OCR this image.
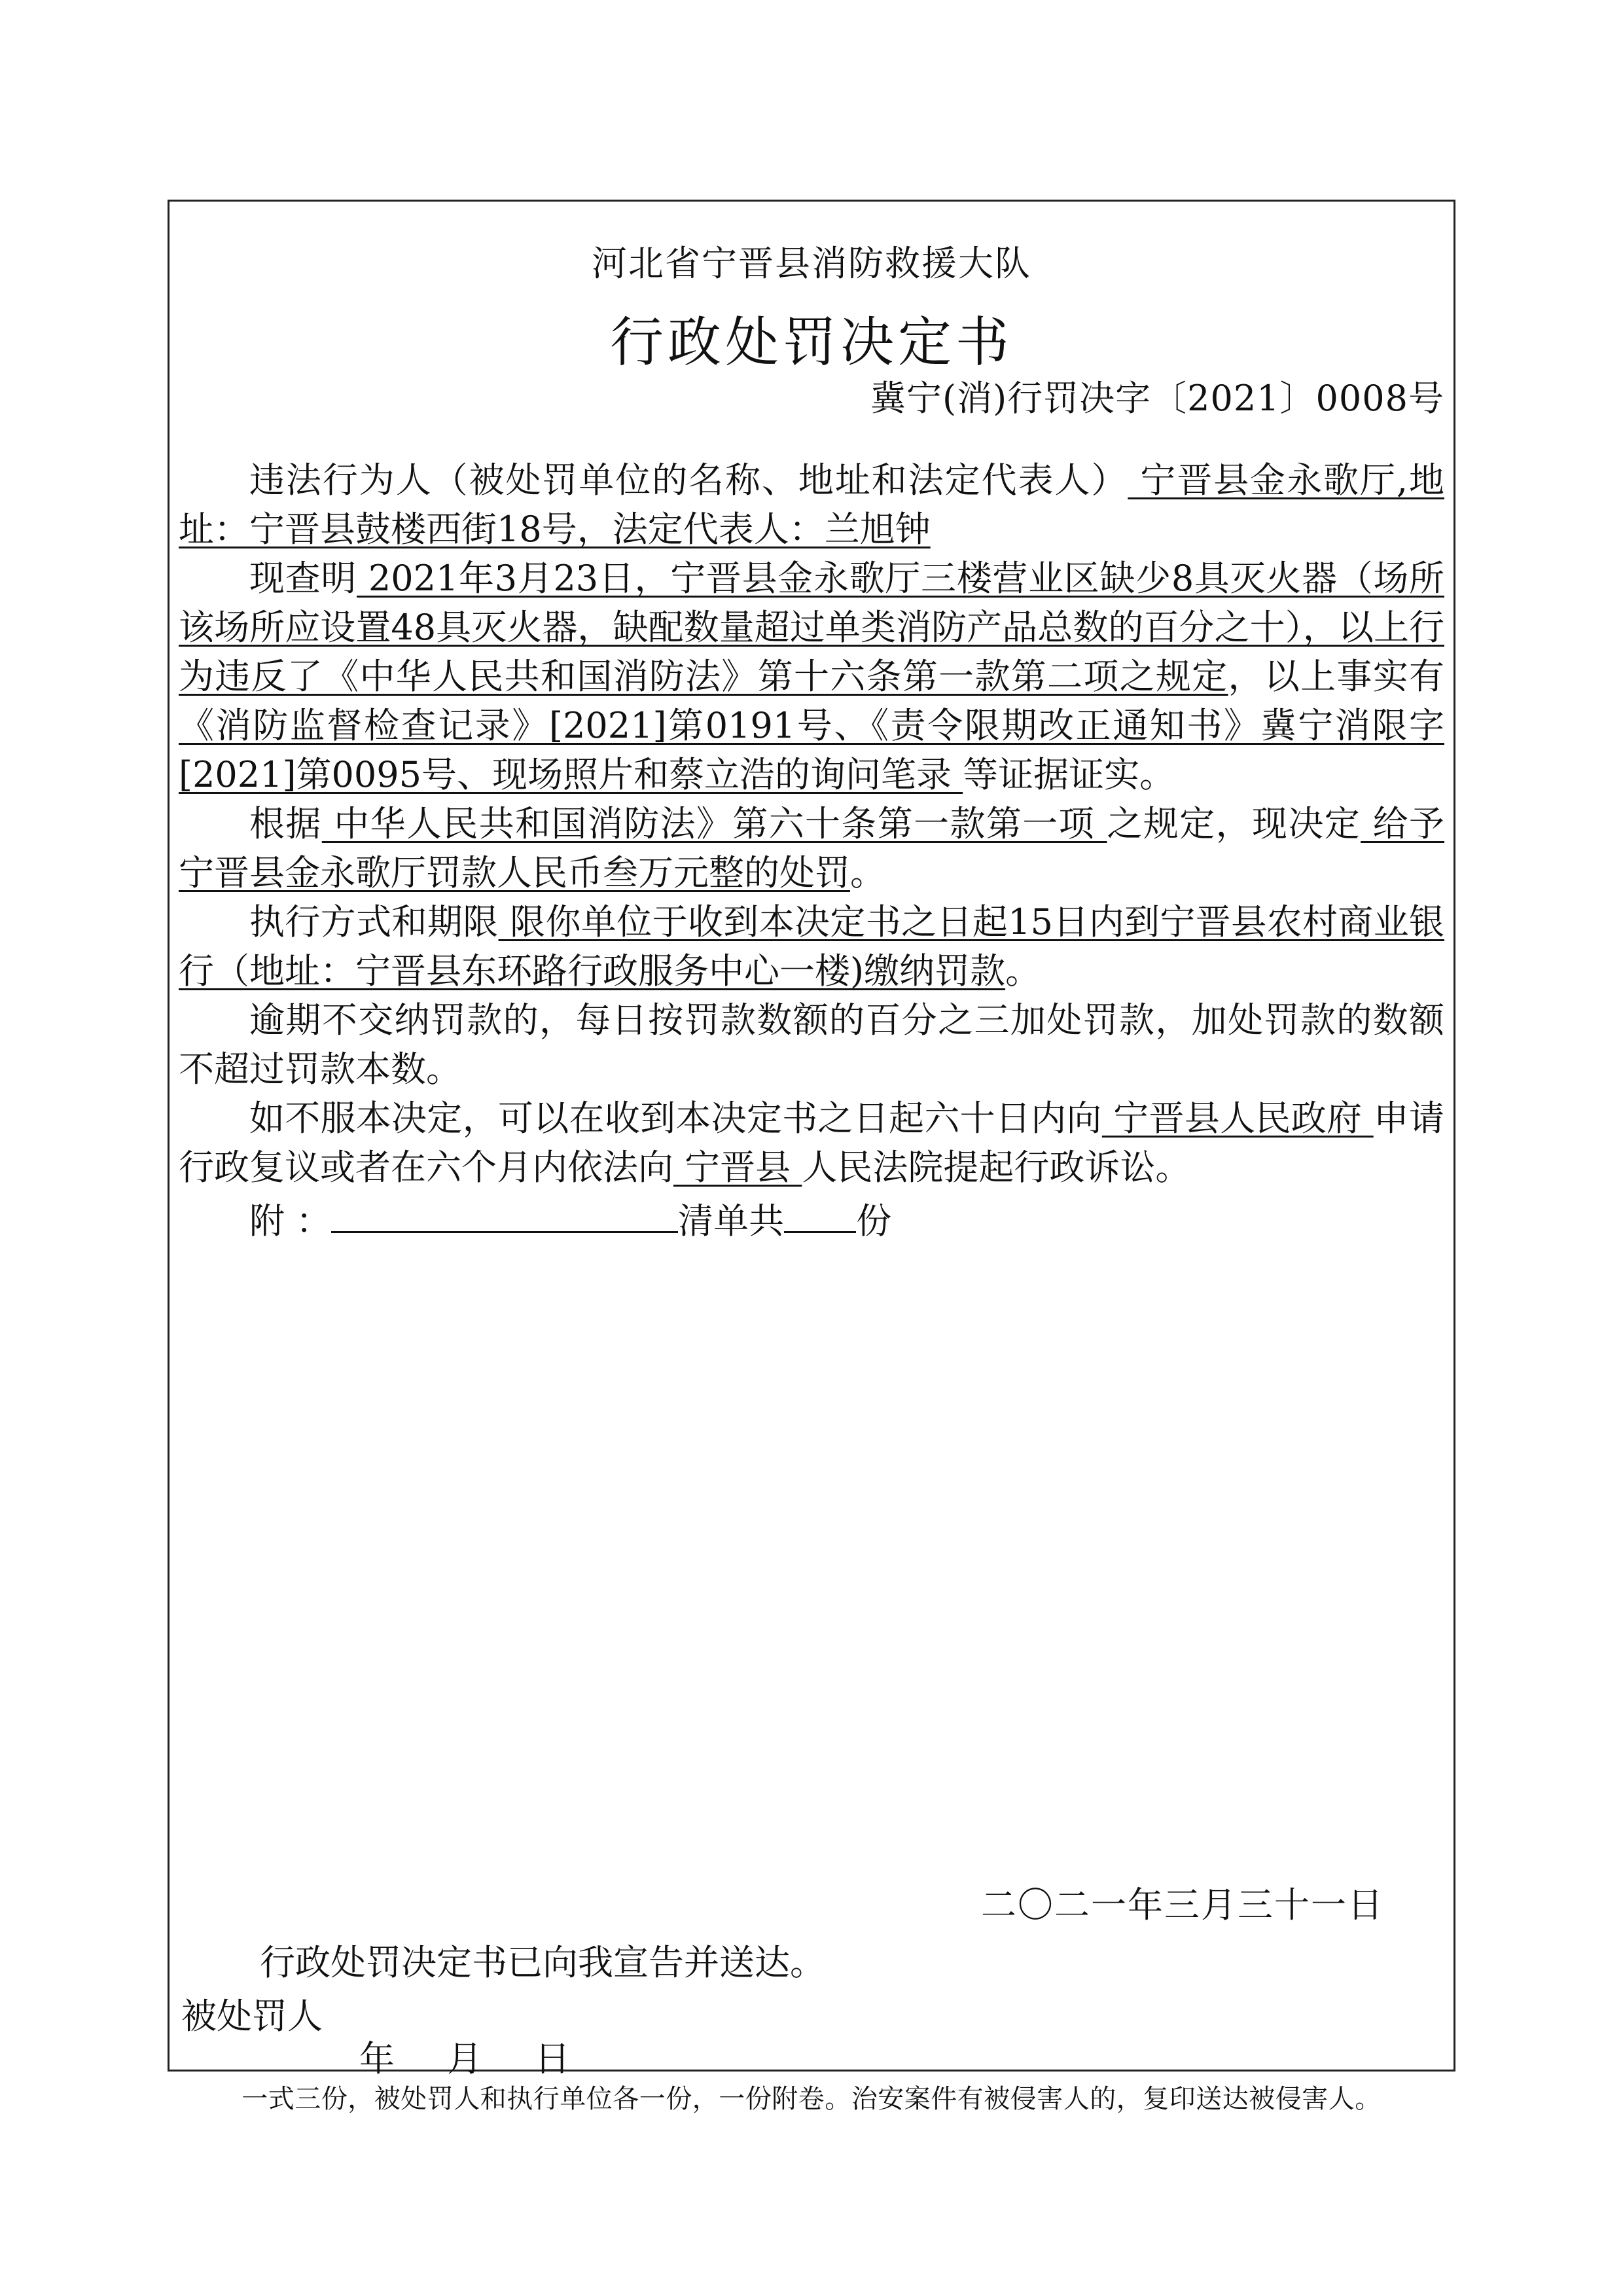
河北省宁晋县消防救援大队
行政处罚决定书
冀宁(消)行罚决字〔2021〕0008号

违法行为人（被处罚单位的名称、地址和法定代表人） 宁晋县金永歌厅,地址：宁晋县鼓楼西街18号，法定代表人：兰旭钟

现查明 2021年3月23日，宁晋县金永歌厅三楼营业区缺少8具灭火器（场所该场所应设置48具灭火器，缺配数量超过单类消防产品总数的百分之十），以上行为违反了《中华人民共和国消防法》第十六条第一款第二项之规定，以上事实有 《消防监督检查记录》[2021]第0191号、《责令限期改正通知书》冀宁消限字[2021]第0095号、现场照片和蔡立浩的询问笔录 等证据证实。

根据 中华人民共和国消防法》第六十条第一款第一项 之规定，现决定 给予宁晋县金永歌厅罚款人民币叁万元整的处罚。

执行方式和期限 限你单位于收到本决定书之日起15日内到宁晋县农村商业银行（地址：宁晋县东环路行政服务中心一楼)缴纳罚款。

逾期不交纳罚款的，每日按罚款数额的百分之三加处罚款，加处罚款的数额不超过罚款本数。

如不服本决定，可以在收到本决定书之日起六十日内向 宁晋县人民政府 申请行政复议或者在六个月内依法向 宁晋县 人民法院提起行政诉讼。

附 ：	清单共 份

二〇二一年三月三十一日
行政处罚决定书已向我宣告并送达。
被处罚人
年 月 日
一式三份，被处罚人和执行单位各一份，一份附卷。治安案件有被侵害人的，复印送达被侵害人。
